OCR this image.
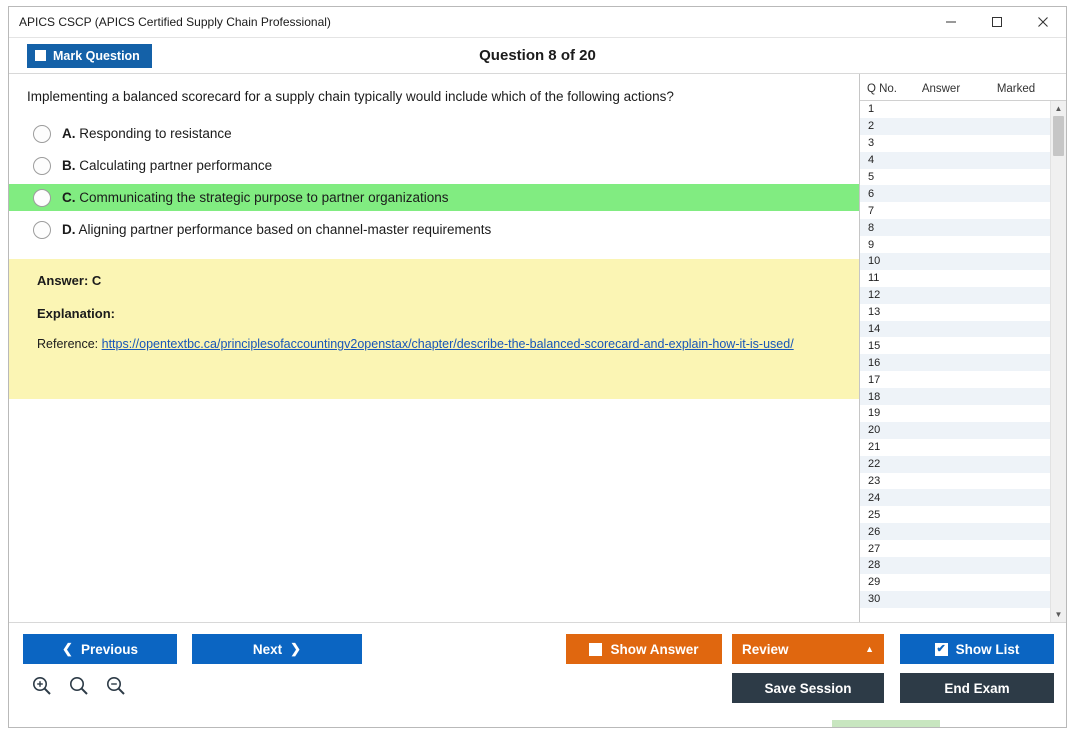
APICS CSCP (APICS Certified Supply Chain Professional)
Mark Question	Question 8 of 20
Implementing a balanced scorecard for a supply chain typically would include which of the following actions?
A. Responding to resistance
B. Calculating partner performance
C. Communicating the strategic purpose to partner organizations
D. Aligning partner performance based on channel-master requirements
Answer: C
Explanation:
Reference: https://opentextbc.ca/principlesofaccountingv2openstax/chapter/describe-the-balanced-scorecard-and-explain-how-it-is-used/
Q No.	Answer	Marked
1
2
3
4
5
6
7
8
9
10
11
12
13
14
15
16
17
18
19
20
21
22
23
24
25
26
27
28
29
30
▲
▼
❮ Previous	Next ❯	Show Answer	Review	▲	✔ Show List
Save Session	End Exam
